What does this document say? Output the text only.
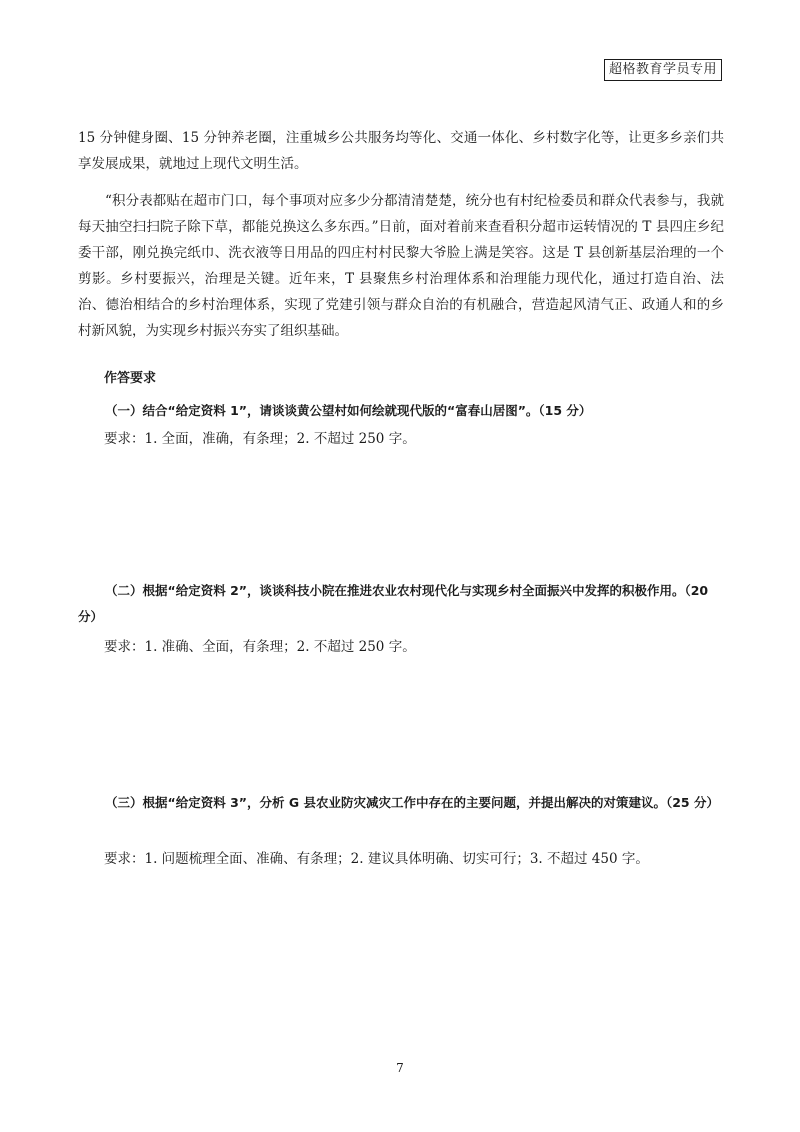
超格教育学员专用

15 分钟健身圈、15 分钟养老圈，注重城乡公共服务均等化、交通一体化、乡村数字化等，让更多乡亲们共享发展成果，就地过上现代文明生活。

“积分表都贴在超市门口，每个事项对应多少分都清清楚楚，统分也有村纪检委员和群众代表参与，我就每天抽空扫扫院子除下草，都能兑换这么多东西。”日前，面对着前来查看积分超市运转情况的 T 县四庄乡纪委干部，刚兑换完纸巾、洗衣液等日用品的四庄村村民黎大爷脸上满是笑容。这是 T 县创新基层治理的一个剪影。乡村要振兴，治理是关键。近年来，T 县聚焦乡村治理体系和治理能力现代化，通过打造自治、法治、德治相结合的乡村治理体系，实现了党建引领与群众自治的有机融合，营造起风清气正、政通人和的乡村新风貌，为实现乡村振兴夯实了组织基础。

作答要求

（一）结合“给定资料 1”，请谈谈黄公望村如何绘就现代版的“富春山居图”。（15 分）

要求：1. 全面，准确，有条理；2. 不超过 250 字。

（二）根据“给定资料 2”，谈谈科技小院在推进农业农村现代化与实现乡村全面振兴中发挥的积极作用。（20 分）

要求：1. 准确、全面，有条理；2. 不超过 250 字。

（三）根据“给定资料 3”，分析 G 县农业防灾减灾工作中存在的主要问题，并提出解决的对策建议。（25 分）

要求：1. 问题梳理全面、准确、有条理；2. 建议具体明确、切实可行；3. 不超过 450 字。

7
